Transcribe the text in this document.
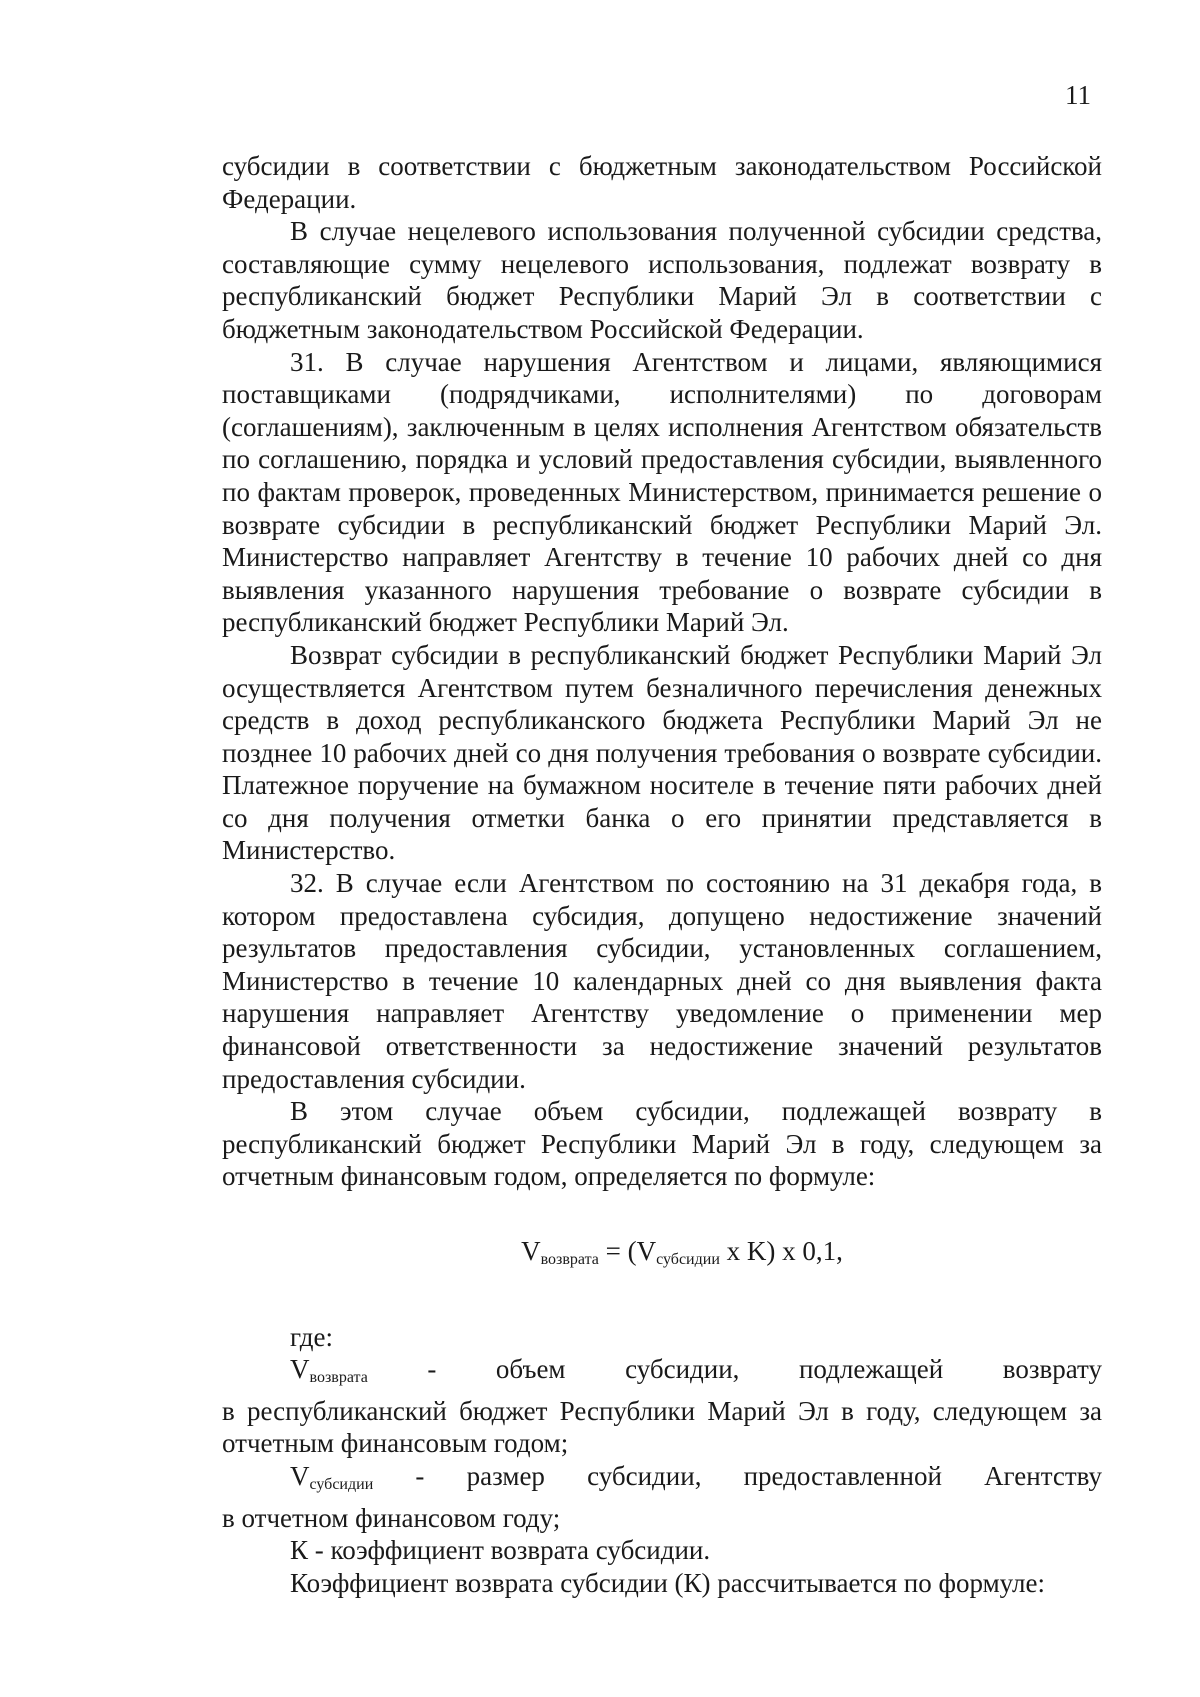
11

субсидии в соответствии с бюджетным законодательством Российской Федерации.

В случае нецелевого использования полученной субсидии средства, составляющие сумму нецелевого использования, подлежат возврату в республиканский бюджет Республики Марий Эл в соответствии с бюджетным законодательством Российской Федерации.

31. В случае нарушения Агентством и лицами, являющимися поставщиками (подрядчиками, исполнителями) по договорам (соглашениям), заключенным в целях исполнения Агентством обязательств по соглашению, порядка и условий предоставления субсидии, выявленного по фактам проверок, проведенных Министерством, принимается решение о возврате субсидии в республиканский бюджет Республики Марий Эл. Министерство направляет Агентству в течение 10 рабочих дней со дня выявления указанного нарушения требование о возврате субсидии в республиканский бюджет Республики Марий Эл.

Возврат субсидии в республиканский бюджет Республики Марий Эл осуществляется Агентством путем безналичного перечисления денежных средств в доход республиканского бюджета Республики Марий Эл не позднее 10 рабочих дней со дня получения требования о возврате субсидии. Платежное поручение на бумажном носителе в течение пяти рабочих дней со дня получения отметки банка о его принятии представляется в Министерство.

32. В случае если Агентством по состоянию на 31 декабря года, в котором предоставлена субсидия, допущено недостижение значений результатов предоставления субсидии, установленных соглашением, Министерство в течение 10 календарных дней со дня выявления факта нарушения направляет Агентству уведомление о применении мер финансовой ответственности за недостижение значений результатов предоставления субсидии.

В этом случае объем субсидии, подлежащей возврату в республиканский бюджет Республики Марий Эл в году, следующем за отчетным финансовым годом, определяется по формуле:

$V_{возврата} = (V_{субсидии}$ x K) x 0,1,

где:

$V_{возврата}$ - объем субсидии, подлежащей возврату

в республиканский бюджет Республики Марий Эл в году, следующем за отчетным финансовым годом;

$V_{субсидии}$ - размер субсидии, предоставленной Агентству

в отчетном финансовом году;

К - коэффициент возврата субсидии.

Коэффициент возврата субсидии (К) рассчитывается по формуле:
